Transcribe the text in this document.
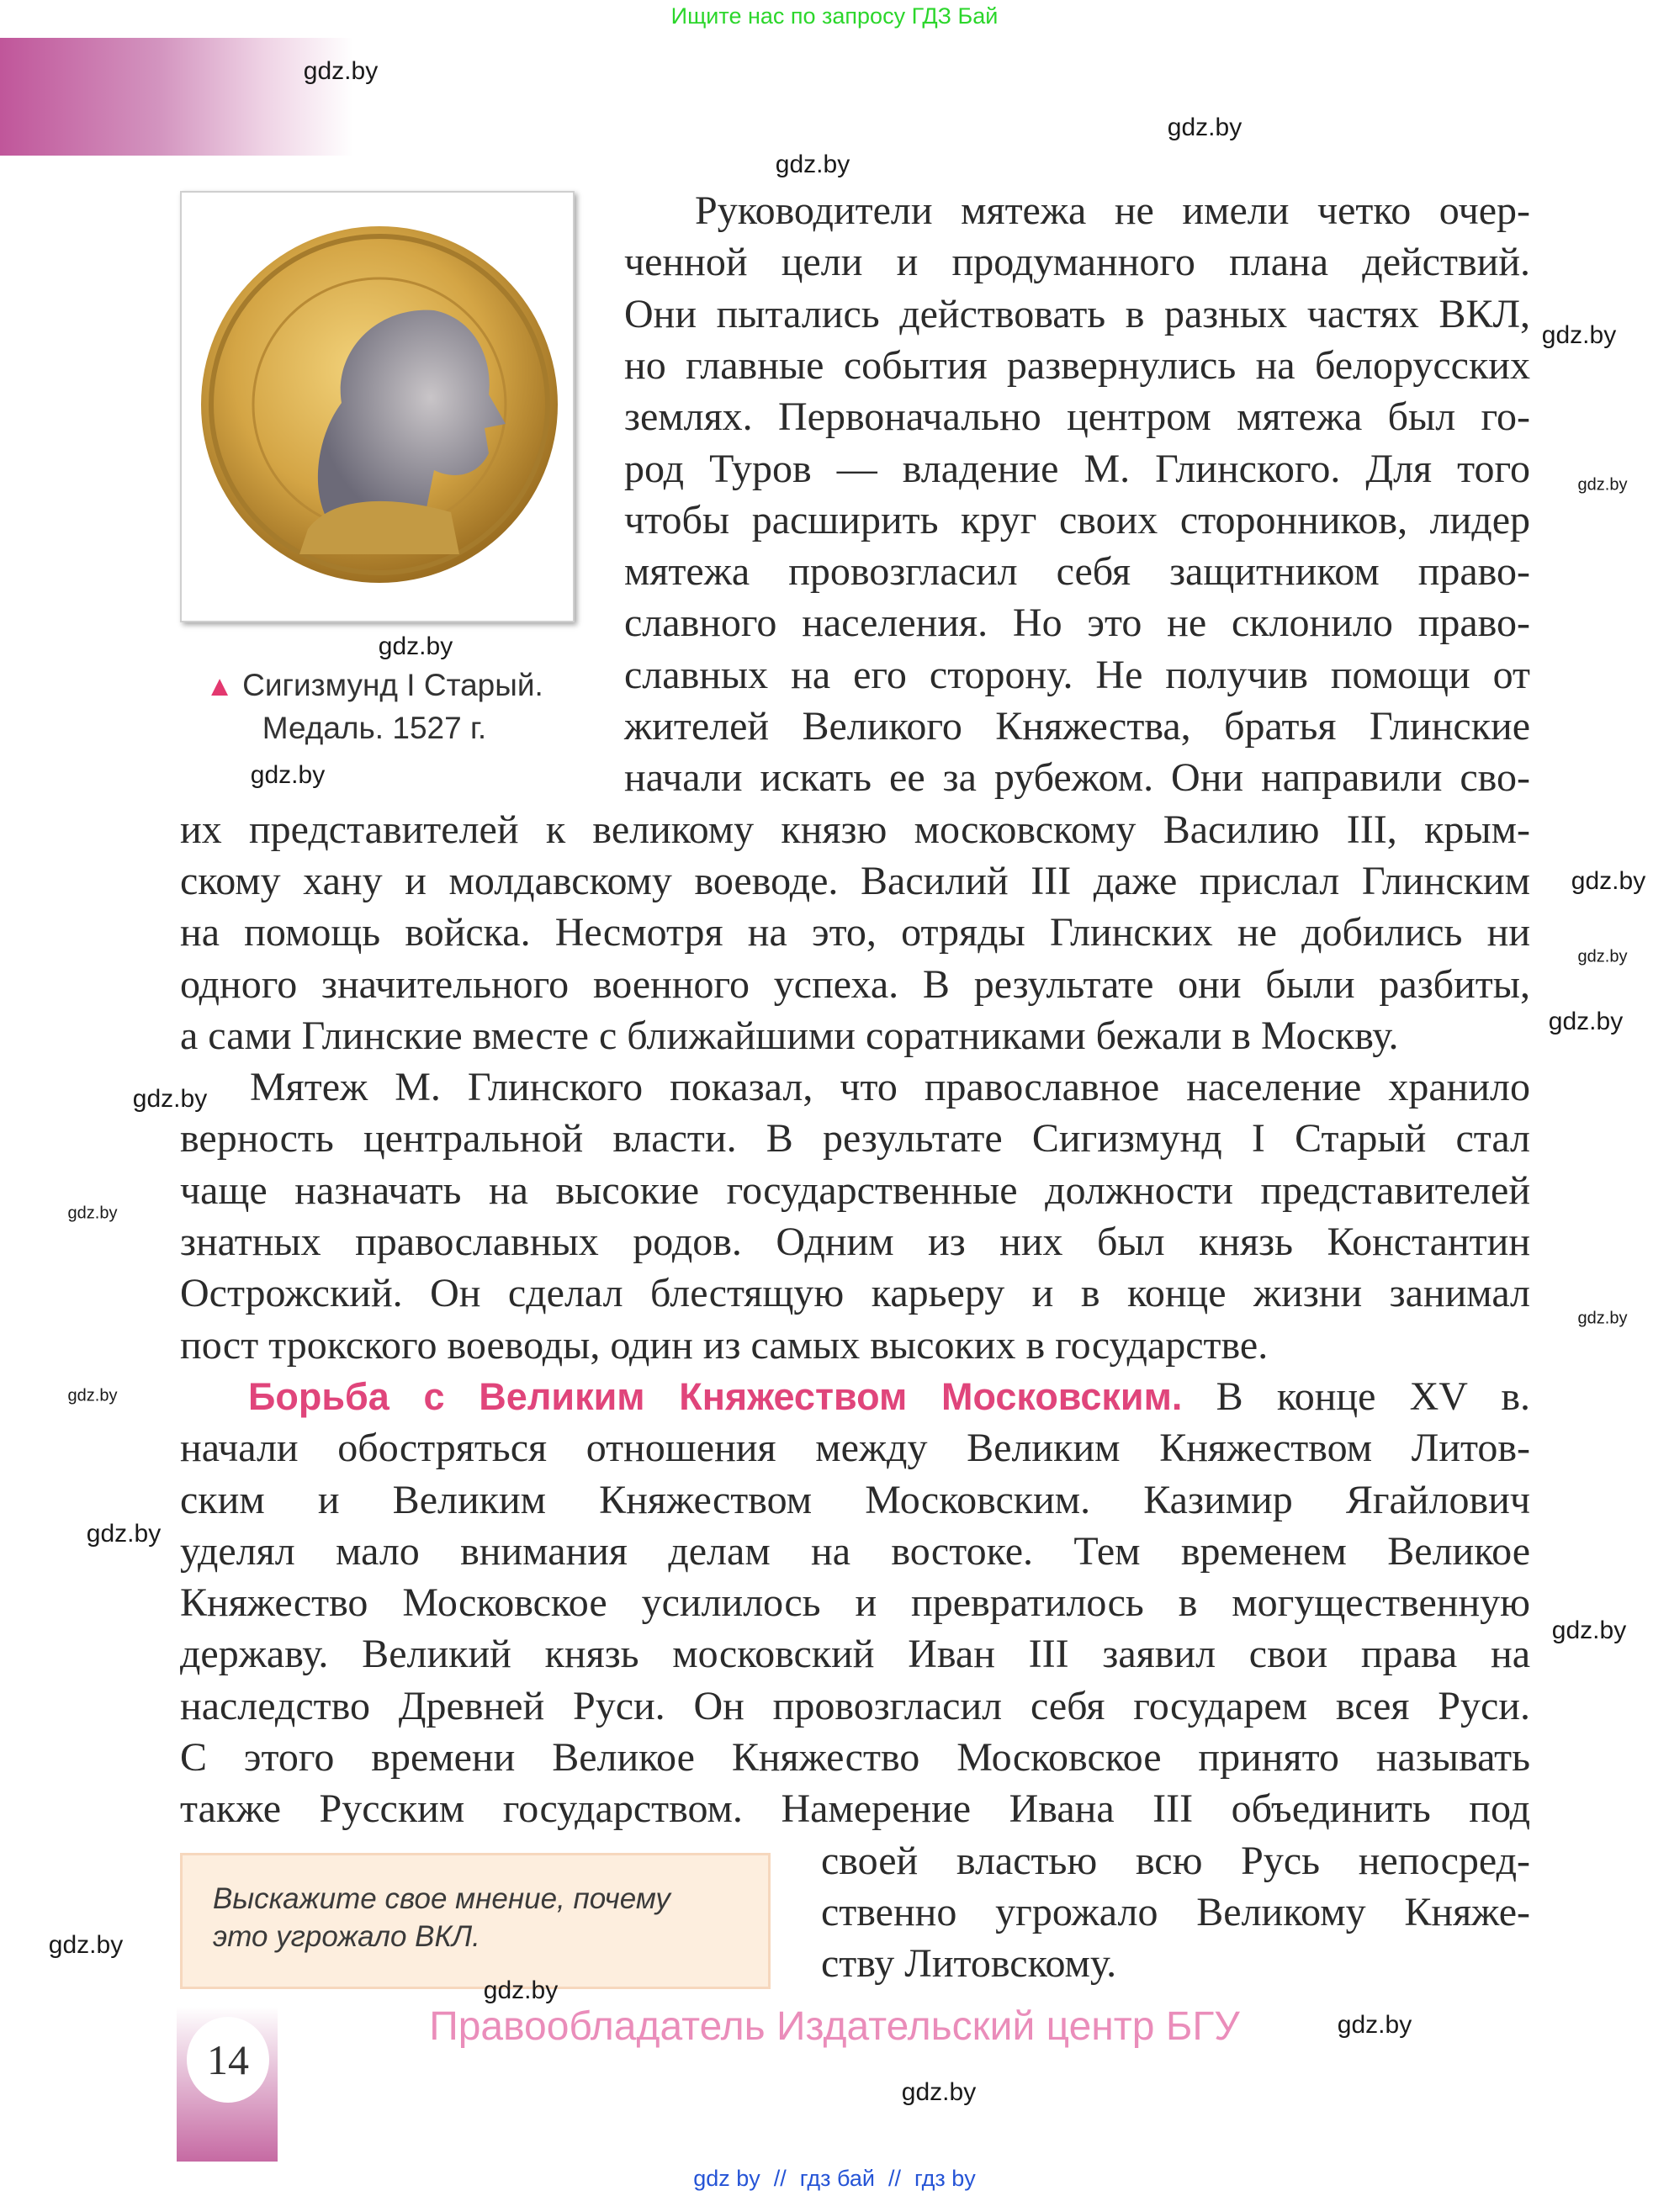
Ищите нас по запросу ГДЗ Бай
▲ Сигизмунд I Старый.
Медаль. 1527 г.
Руководители мятежа не имели четко очер-
ченной цели и продуманного плана действий.
Они пытались действовать в разных частях ВКЛ,
но главные события развернулись на белорусских
землях. Первоначально центром мятежа был го-
род Туров — владение М. Глинского. Для того
чтобы расширить круг своих сторонников, лидер
мятежа провозгласил себя защитником право-
славного населения. Но это не склонило право-
славных на его сторону. Не получив помощи от
жителей Великого Княжества, братья Глинские
начали искать ее за рубежом. Они направили сво-
их представителей к великому князю московскому Василию III, крым-
скому хану и молдавскому воеводе. Василий III даже прислал Глинским
на помощь войска. Несмотря на это, отряды Глинских не добились ни
одного значительного военного успеха. В результате они были разбиты,
а сами Глинские вместе с ближайшими соратниками бежали в Москву.
Мятеж М. Глинского показал, что православное население хранило
верность центральной власти. В результате Сигизмунд I Старый стал
чаще назначать на высокие государственные должности представителей
знатных православных родов. Одним из них был князь Константин
Острожский. Он сделал блестящую карьеру и в конце жизни занимал
пост трокского воеводы, один из самых высоких в государстве.
Борьба с Великим Княжеством Московским. В конце XV в.
начали обостряться отношения между Великим Княжеством Литов-
ским и Великим Княжеством Московским. Казимир Ягайлович
уделял мало внимания делам на востоке. Тем временем Великое
Княжество Московское усилилось и превратилось в могущественную
державу. Великий князь московский Иван III заявил свои права на
наследство Древней Руси. Он провозгласил себя государем всея Руси.
С этого времени Великое Княжество Московское принято называть
также Русским государством. Намерение Ивана III объединить под
своей властью всю Русь непосред-
ственно угрожало Великому Княже-
ству Литовскому.
Выскажите свое мнение, почему
это угрожало ВКЛ.
14
Правообладатель Издательский центр БГУ
gdz by // гдз бай // гдз by
gdz.by
gdz.by
gdz.by
gdz.by
gdz.by
gdz.by
gdz.by
gdz.by
gdz.by
gdz.by
gdz.by
gdz.by
gdz.by
gdz.by
gdz.by
gdz.by
gdz.by
gdz.by
gdz.by
gdz.by
